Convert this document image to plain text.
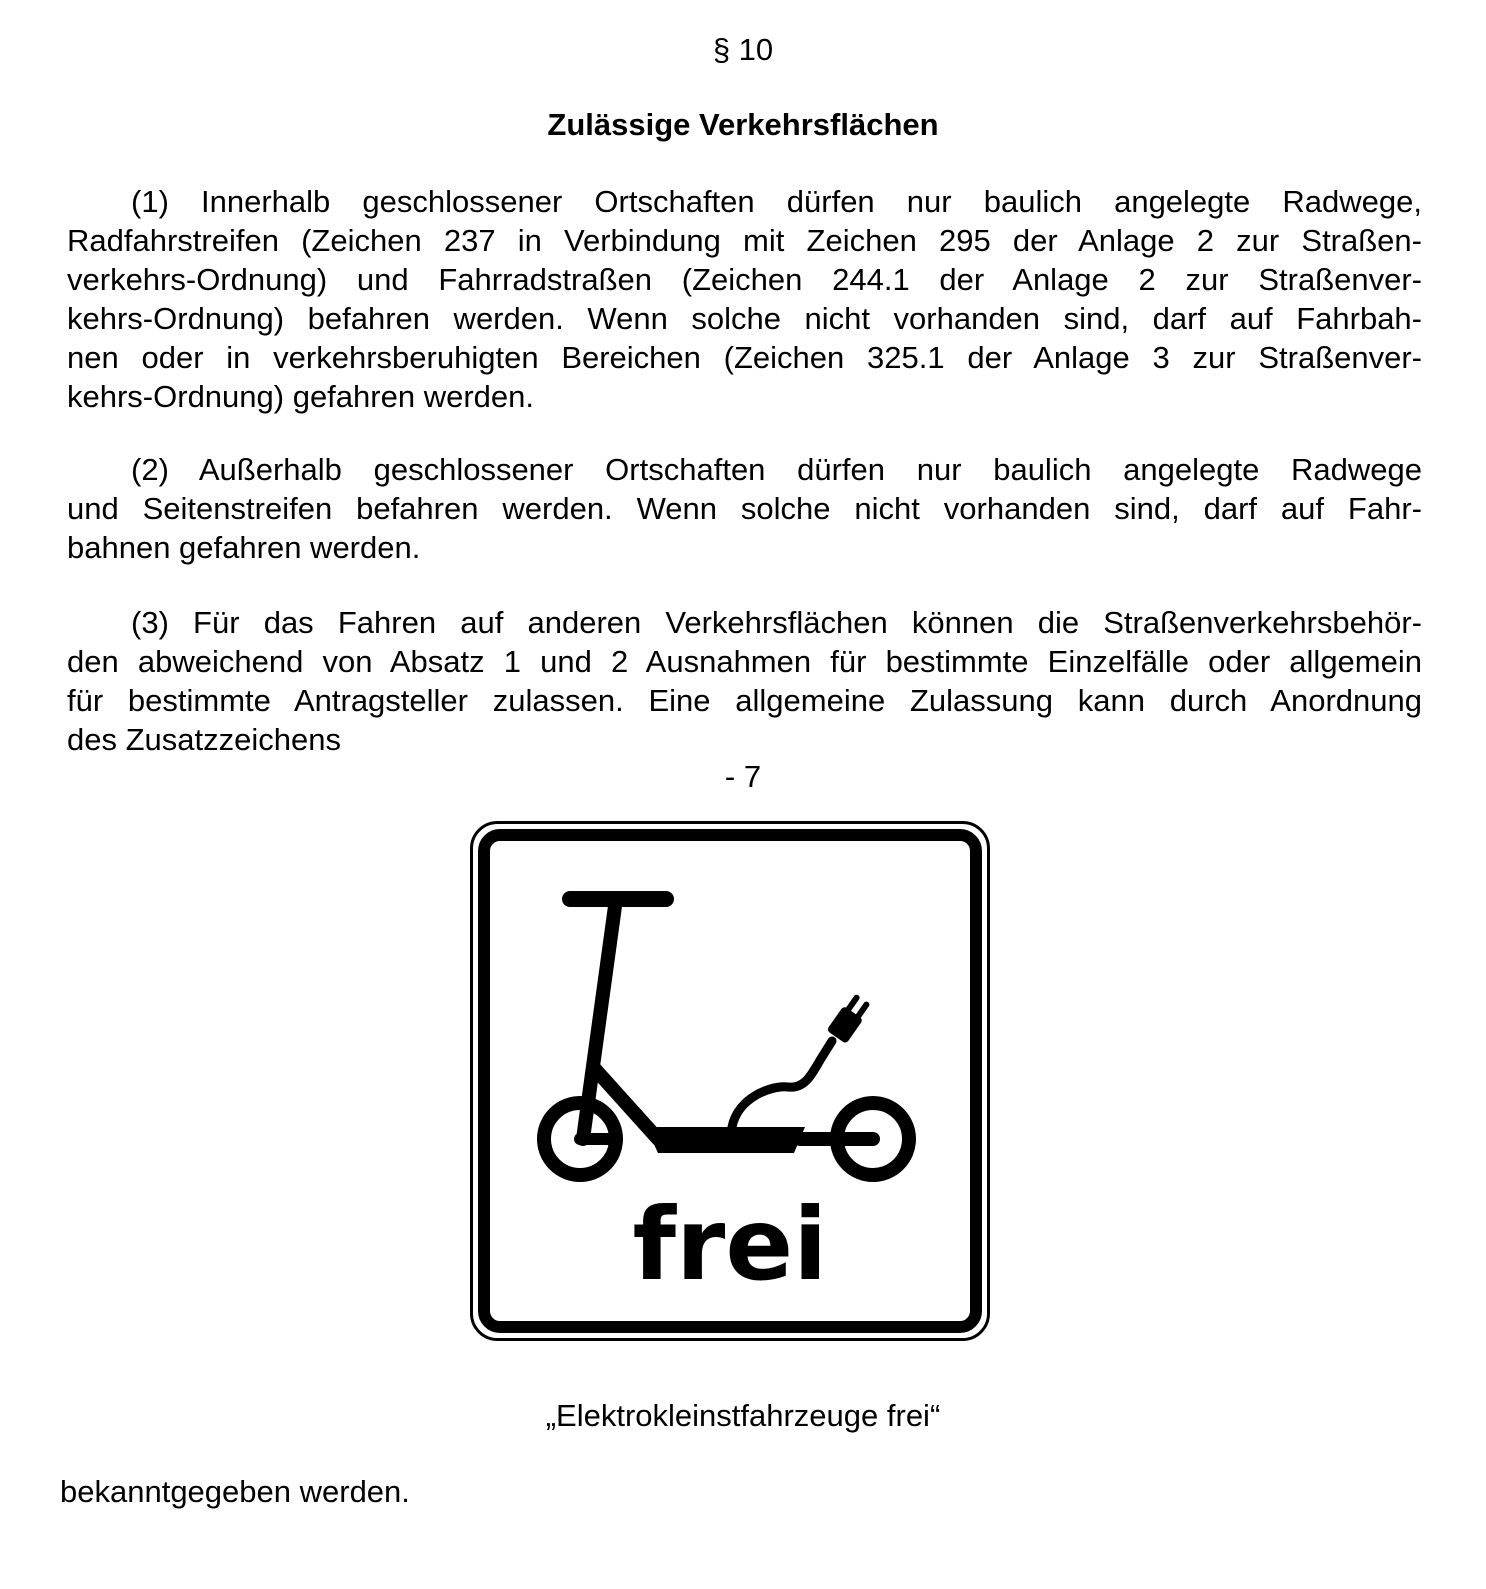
§ 10
Zulässige Verkehrsflächen
(1) Innerhalb geschlossener Ortschaften dürfen nur baulich angelegte Radwege,
Radfahrstreifen (Zeichen 237 in Verbindung mit Zeichen 295 der Anlage 2 zur Straßen-
verkehrs-Ordnung) und Fahrradstraßen (Zeichen 244.1 der Anlage 2 zur Straßenver-
kehrs-Ordnung) befahren werden. Wenn solche nicht vorhanden sind, darf auf Fahrbah-
nen oder in verkehrsberuhigten Bereichen (Zeichen 325.1 der Anlage 3 zur Straßenver-
kehrs-Ordnung) gefahren werden.
(2) Außerhalb geschlossener Ortschaften dürfen nur baulich angelegte Radwege
und Seitenstreifen befahren werden. Wenn solche nicht vorhanden sind, darf auf Fahr-
bahnen gefahren werden.
(3) Für das Fahren auf anderen Verkehrsflächen können die Straßenverkehrsbehör-
den abweichend von Absatz 1 und 2 Ausnahmen für bestimmte Einzelfälle oder allgemein
für bestimmte Antragsteller zulassen. Eine allgemeine Zulassung kann durch Anordnung
des Zusatzzeichens
- 7
frei
„Elektrokleinstfahrzeuge frei“
bekanntgegeben werden.
